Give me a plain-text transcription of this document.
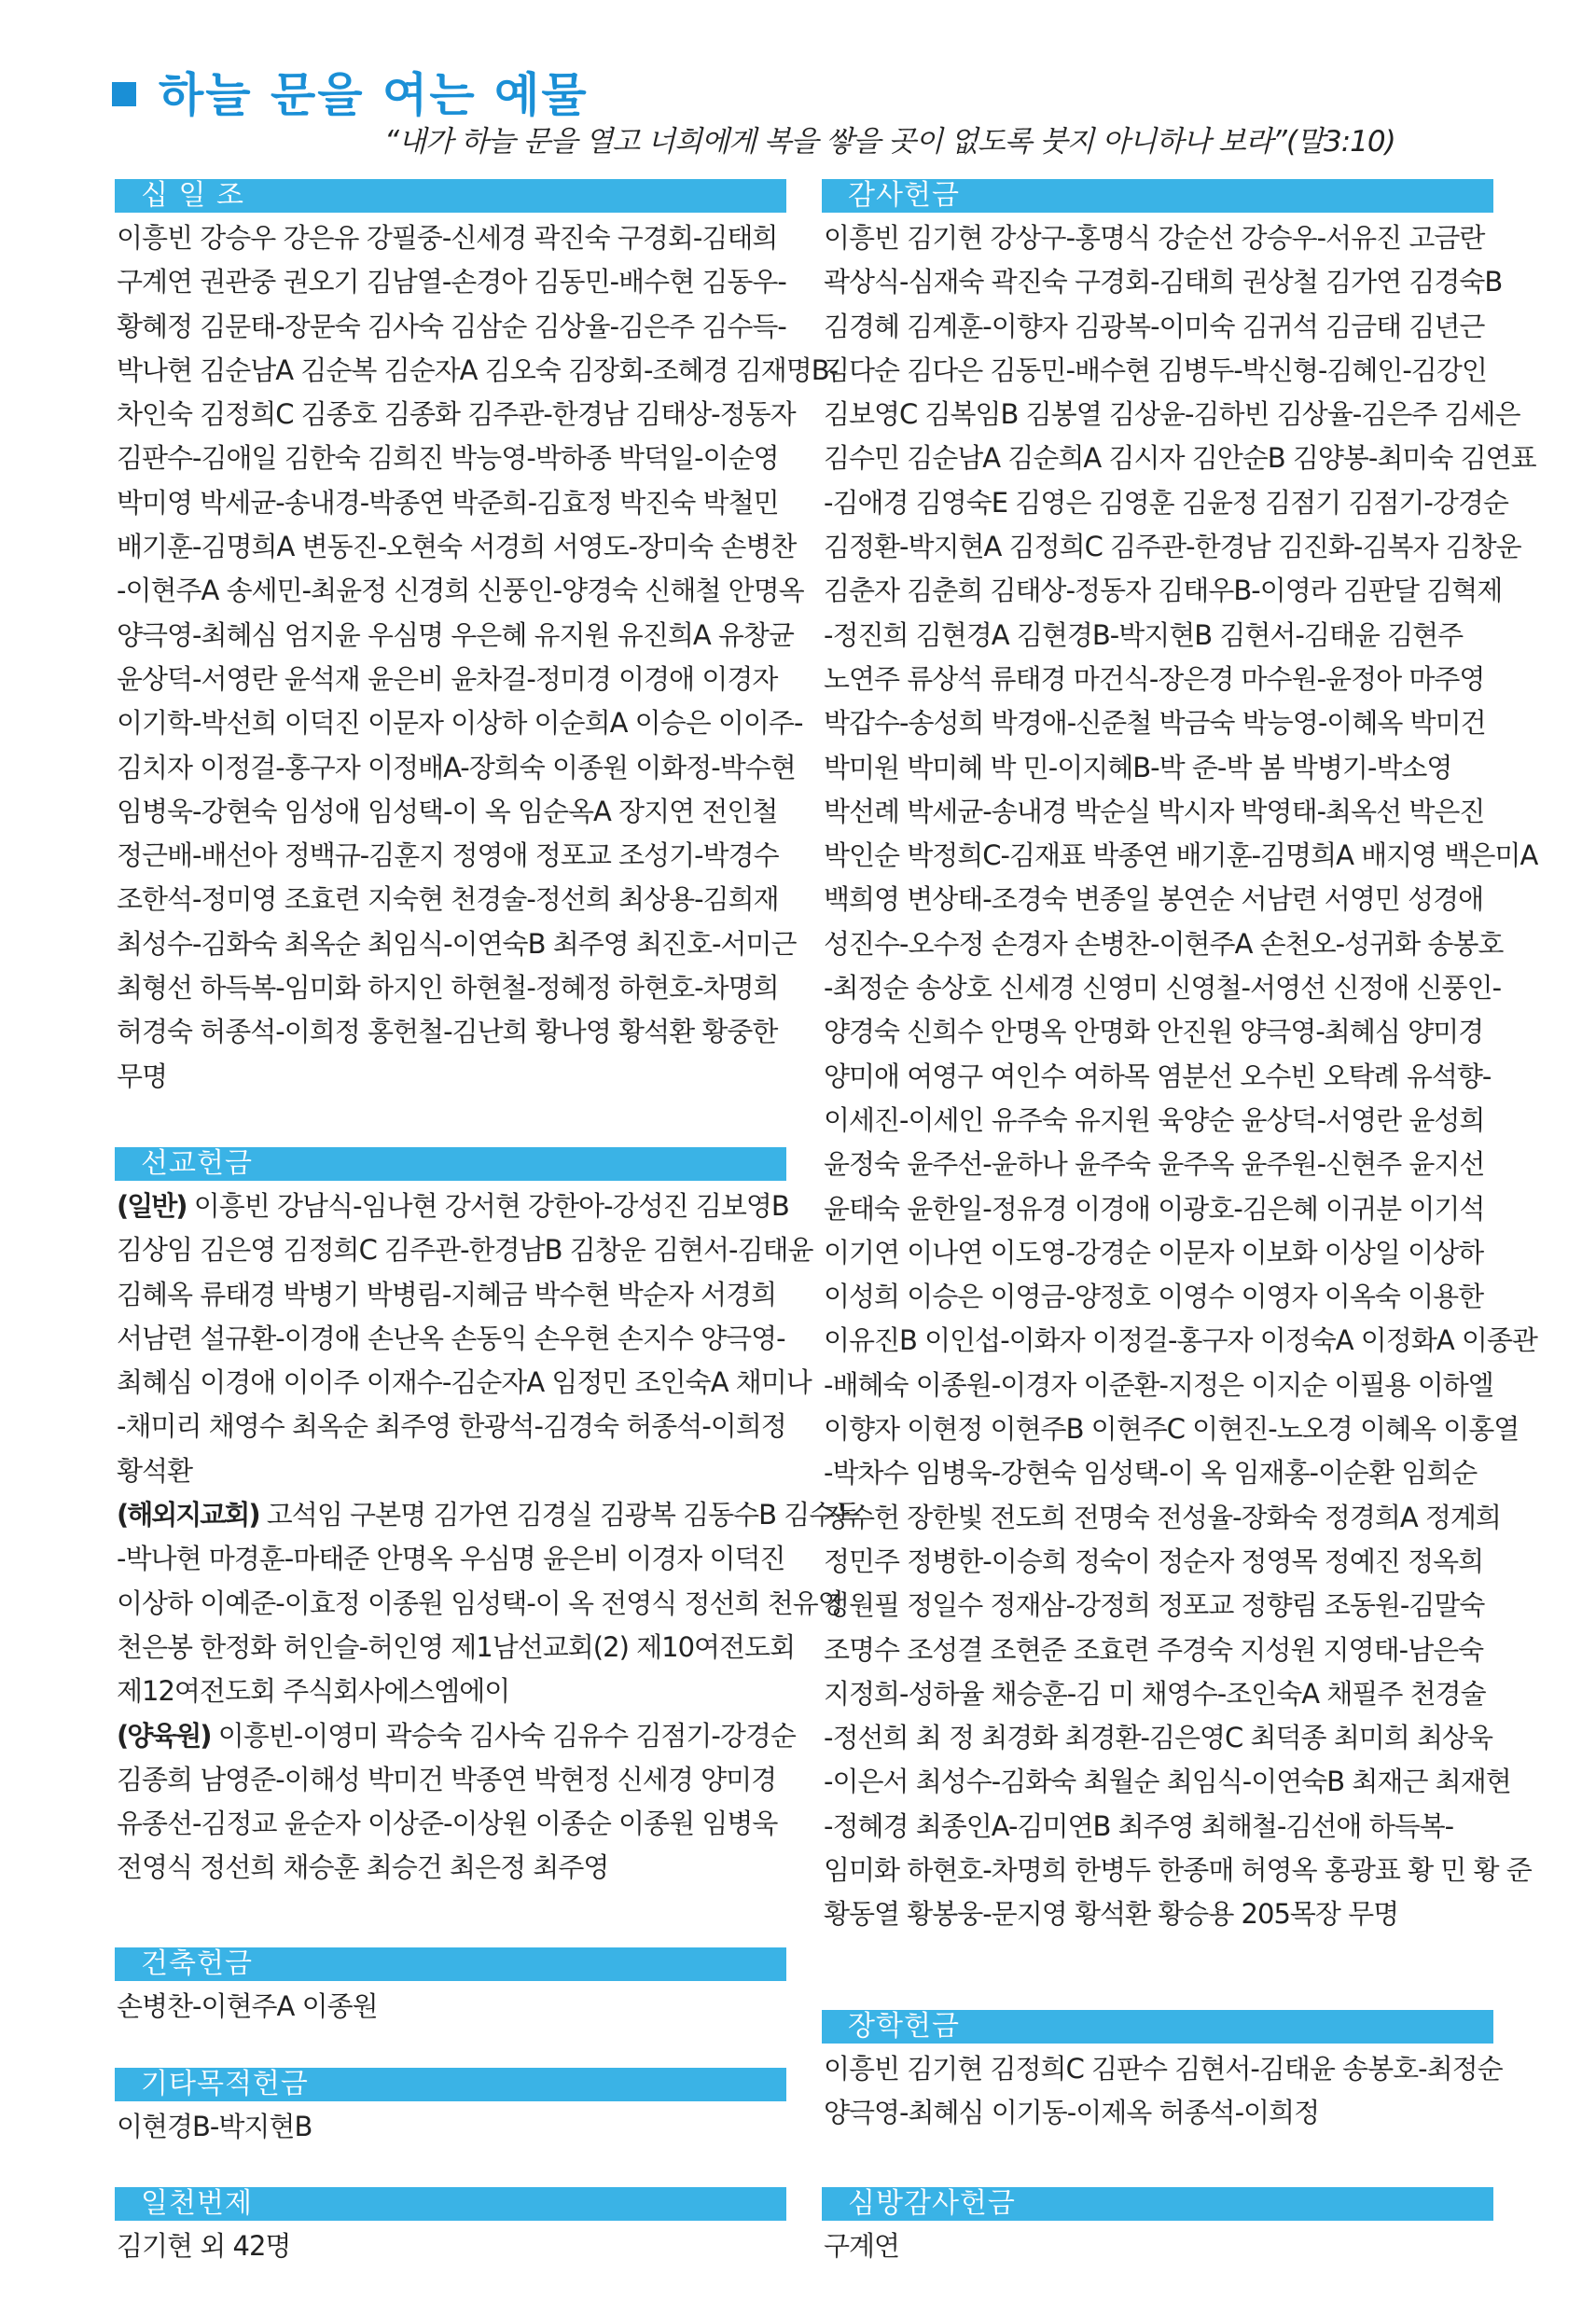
하늘 문을 여는 예물
“내가 하늘 문을 열고 너희에게 복을 쌓을 곳이 없도록 붓지 아니하나 보라”(말3:10)
십 일 조
이흥빈 강승우 강은유 강필중-신세경 곽진숙 구경회-김태희
구계연 권관중 권오기 김남열-손경아 김동민-배수현 김동우-
황혜정 김문태-장문숙 김사숙 김삼순 김상율-김은주 김수득-
박나현 김순남A 김순복 김순자A 김오숙 김장회-조혜경 김재명B-
차인숙 김정희C 김종호 김종화 김주관-한경남 김태상-정동자
김판수-김애일 김한숙 김희진 박능영-박하종 박덕일-이순영
박미영 박세균-송내경-박종연 박준희-김효정 박진숙 박철민
배기훈-김명희A 변동진-오현숙 서경희 서영도-장미숙 손병찬
-이현주A 송세민-최윤정 신경희 신풍인-양경숙 신해철 안명옥
양극영-최혜심 엄지윤 우심명 우은혜 유지원 유진희A 유창균
윤상덕-서영란 윤석재 윤은비 윤차걸-정미경 이경애 이경자
이기학-박선희 이덕진 이문자 이상하 이순희A 이승은 이이주-
김치자 이정걸-홍구자 이정배A-장희숙 이종원 이화정-박수현
임병욱-강현숙 임성애 임성택-이 옥 임순옥A 장지연 전인철
정근배-배선아 정백규-김훈지 정영애 정포교 조성기-박경수
조한석-정미영 조효련 지숙현 천경술-정선희 최상용-김희재
최성수-김화숙 최옥순 최임식-이연숙B 최주영 최진호-서미근
최형선 하득복-임미화 하지인 하현철-정혜정 하현호-차명희
허경숙 허종석-이희정 홍헌철-김난희 황나영 황석환 황중한
무명
선교헌금
(일반) 이흥빈 강남식-임나현 강서현 강한아-강성진 김보영B
김상임 김은영 김정희C 김주관-한경남B 김창운 김현서-김태윤
김혜옥 류태경 박병기 박병림-지혜금 박수현 박순자 서경희
서남련 설규환-이경애 손난옥 손동익 손우현 손지수 양극영-
최혜심 이경애 이이주 이재수-김순자A 임정민 조인숙A 채미나
-채미리 채영수 최옥순 최주영 한광석-김경숙 허종석-이희정
황석환
(해외지교회) 고석임 구본명 김가연 김경실 김광복 김동수B 김수득
-박나현 마경훈-마태준 안명옥 우심명 윤은비 이경자 이덕진
이상하 이예준-이효정 이종원 임성택-이 옥 전영식 정선희 천유영
천은봉 한정화 허인슬-허인영 제1남선교회(2) 제10여전도회
제12여전도회 주식회사에스엠에이
(양육원) 이흥빈-이영미 곽승숙 김사숙 김유수 김점기-강경순
김종희 남영준-이해성 박미건 박종연 박현정 신세경 양미경
유종선-김정교 윤순자 이상준-이상원 이종순 이종원 임병욱
전영식 정선희 채승훈 최승건 최은정 최주영
건축헌금
손병찬-이현주A 이종원
기타목적헌금
이현경B-박지현B
일천번제
김기현 외 42명
감사헌금
이흥빈 김기현 강상구-홍명식 강순선 강승우-서유진 고금란
곽상식-심재숙 곽진숙 구경회-김태희 권상철 김가연 김경숙B
김경혜 김계훈-이향자 김광복-이미숙 김귀석 김금태 김년근
김다순 김다은 김동민-배수현 김병두-박신형-김혜인-김강인
김보영C 김복임B 김봉열 김상윤-김하빈 김상율-김은주 김세은
김수민 김순남A 김순희A 김시자 김안순B 김양봉-최미숙 김연표
-김애경 김영숙E 김영은 김영훈 김윤정 김점기 김점기-강경순
김정환-박지현A 김정희C 김주관-한경남 김진화-김복자 김창운
김춘자 김춘희 김태상-정동자 김태우B-이영라 김판달 김혁제
-정진희 김현경A 김현경B-박지현B 김현서-김태윤 김현주
노연주 류상석 류태경 마건식-장은경 마수원-윤정아 마주영
박갑수-송성희 박경애-신준철 박금숙 박능영-이혜옥 박미건
박미원 박미혜 박 민-이지혜B-박 준-박 봄 박병기-박소영
박선례 박세균-송내경 박순실 박시자 박영태-최옥선 박은진
박인순 박정희C-김재표 박종연 배기훈-김명희A 배지영 백은미A
백희영 변상태-조경숙 변종일 봉연순 서남련 서영민 성경애
성진수-오수정 손경자 손병찬-이현주A 손천오-성귀화 송봉호
-최정순 송상호 신세경 신영미 신영철-서영선 신정애 신풍인-
양경숙 신희수 안명옥 안명화 안진원 양극영-최혜심 양미경
양미애 여영구 여인수 여하목 염분선 오수빈 오탁례 유석향-
이세진-이세인 유주숙 유지원 육양순 윤상덕-서영란 윤성희
윤정숙 윤주선-윤하나 윤주숙 윤주옥 윤주원-신현주 윤지선
윤태숙 윤한일-정유경 이경애 이광호-김은혜 이귀분 이기석
이기연 이나연 이도영-강경순 이문자 이보화 이상일 이상하
이성희 이승은 이영금-양정호 이영수 이영자 이옥숙 이용한
이유진B 이인섭-이화자 이정걸-홍구자 이정숙A 이정화A 이종관
-배혜숙 이종원-이경자 이준환-지정은 이지순 이필용 이하엘
이향자 이현정 이현주B 이현주C 이현진-노오경 이혜옥 이홍열
-박차수 임병욱-강현숙 임성택-이 옥 임재홍-이순환 임희순
장수헌 장한빛 전도희 전명숙 전성율-장화숙 정경희A 정계희
정민주 정병한-이승희 정숙이 정순자 정영목 정예진 정옥희
정원필 정일수 정재삼-강정희 정포교 정향림 조동원-김말숙
조명수 조성결 조현준 조효련 주경숙 지성원 지영태-남은숙
지정희-성하율 채승훈-김 미 채영수-조인숙A 채필주 천경술
-정선희 최 정 최경화 최경환-김은영C 최덕종 최미희 최상욱
-이은서 최성수-김화숙 최월순 최임식-이연숙B 최재근 최재현
-정혜경 최종인A-김미연B 최주영 최해철-김선애 하득복-
임미화 하현호-차명희 한병두 한종매 허영옥 홍광표 황 민 황 준
황동열 황봉웅-문지영 황석환 황승용 205목장 무명
장학헌금
이흥빈 김기현 김정희C 김판수 김현서-김태윤 송봉호-최정순
양극영-최혜심 이기동-이제옥 허종석-이희정
심방감사헌금
구계연
